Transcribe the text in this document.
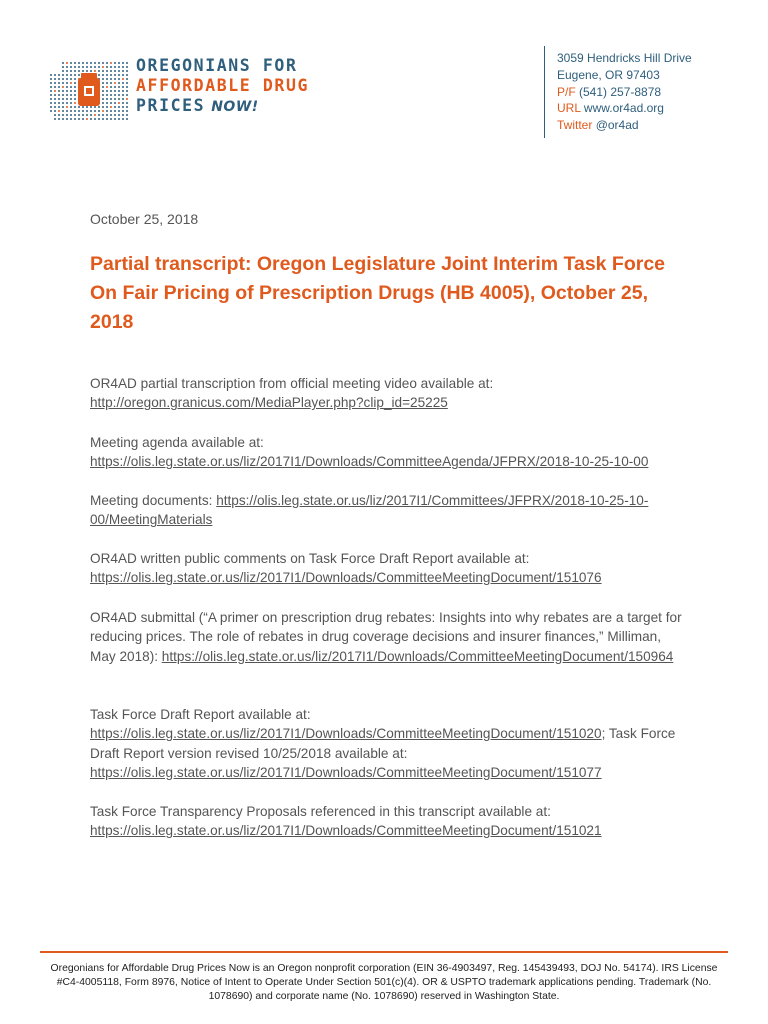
OREGONIANS FOR
AFFORDABLE DRUG
PRICES NOW!
3059 Hendricks Hill Drive
Eugene, OR 97403
P/F (541) 257-8878
URL www.or4ad.org
Twitter @or4ad
October 25, 2018
Partial transcript: Oregon Legislature Joint Interim Task Force On Fair Pricing of Prescription Drugs (HB 4005), October 25, 2018
OR4AD partial transcription from official meeting video available at: http://oregon.granicus.com/MediaPlayer.php?clip_id=25225
Meeting agenda available at: https://olis.leg.state.or.us/liz/2017I1/Downloads/CommitteeAgenda/JFPRX/2018-10-25-10-00
Meeting documents: https://olis.leg.state.or.us/liz/2017I1/Committees/JFPRX/2018-10-25-10-00/MeetingMaterials
OR4AD written public comments on Task Force Draft Report available at: https://olis.leg.state.or.us/liz/2017I1/Downloads/CommitteeMeetingDocument/151076
OR4AD submittal (“A primer on prescription drug rebates: Insights into why rebates are a target for reducing prices. The role of rebates in drug coverage decisions and insurer finances,” Milliman, May 2018): https://olis.leg.state.or.us/liz/2017I1/Downloads/CommitteeMeetingDocument/150964
Task Force Draft Report available at: https://olis.leg.state.or.us/liz/2017I1/Downloads/CommitteeMeetingDocument/151020; Task Force Draft Report version revised 10/25/2018 available at: https://olis.leg.state.or.us/liz/2017I1/Downloads/CommitteeMeetingDocument/151077
Task Force Transparency Proposals referenced in this transcript available at: https://olis.leg.state.or.us/liz/2017I1/Downloads/CommitteeMeetingDocument/151021
Oregonians for Affordable Drug Prices Now is an Oregon nonprofit corporation (EIN 36-4903497, Reg. 145439493, DOJ No. 54174). IRS License #C4-4005118, Form 8976, Notice of Intent to Operate Under Section 501(c)(4). OR & USPTO trademark applications pending. Trademark (No. 1078690) and corporate name (No. 1078690) reserved in Washington State.
